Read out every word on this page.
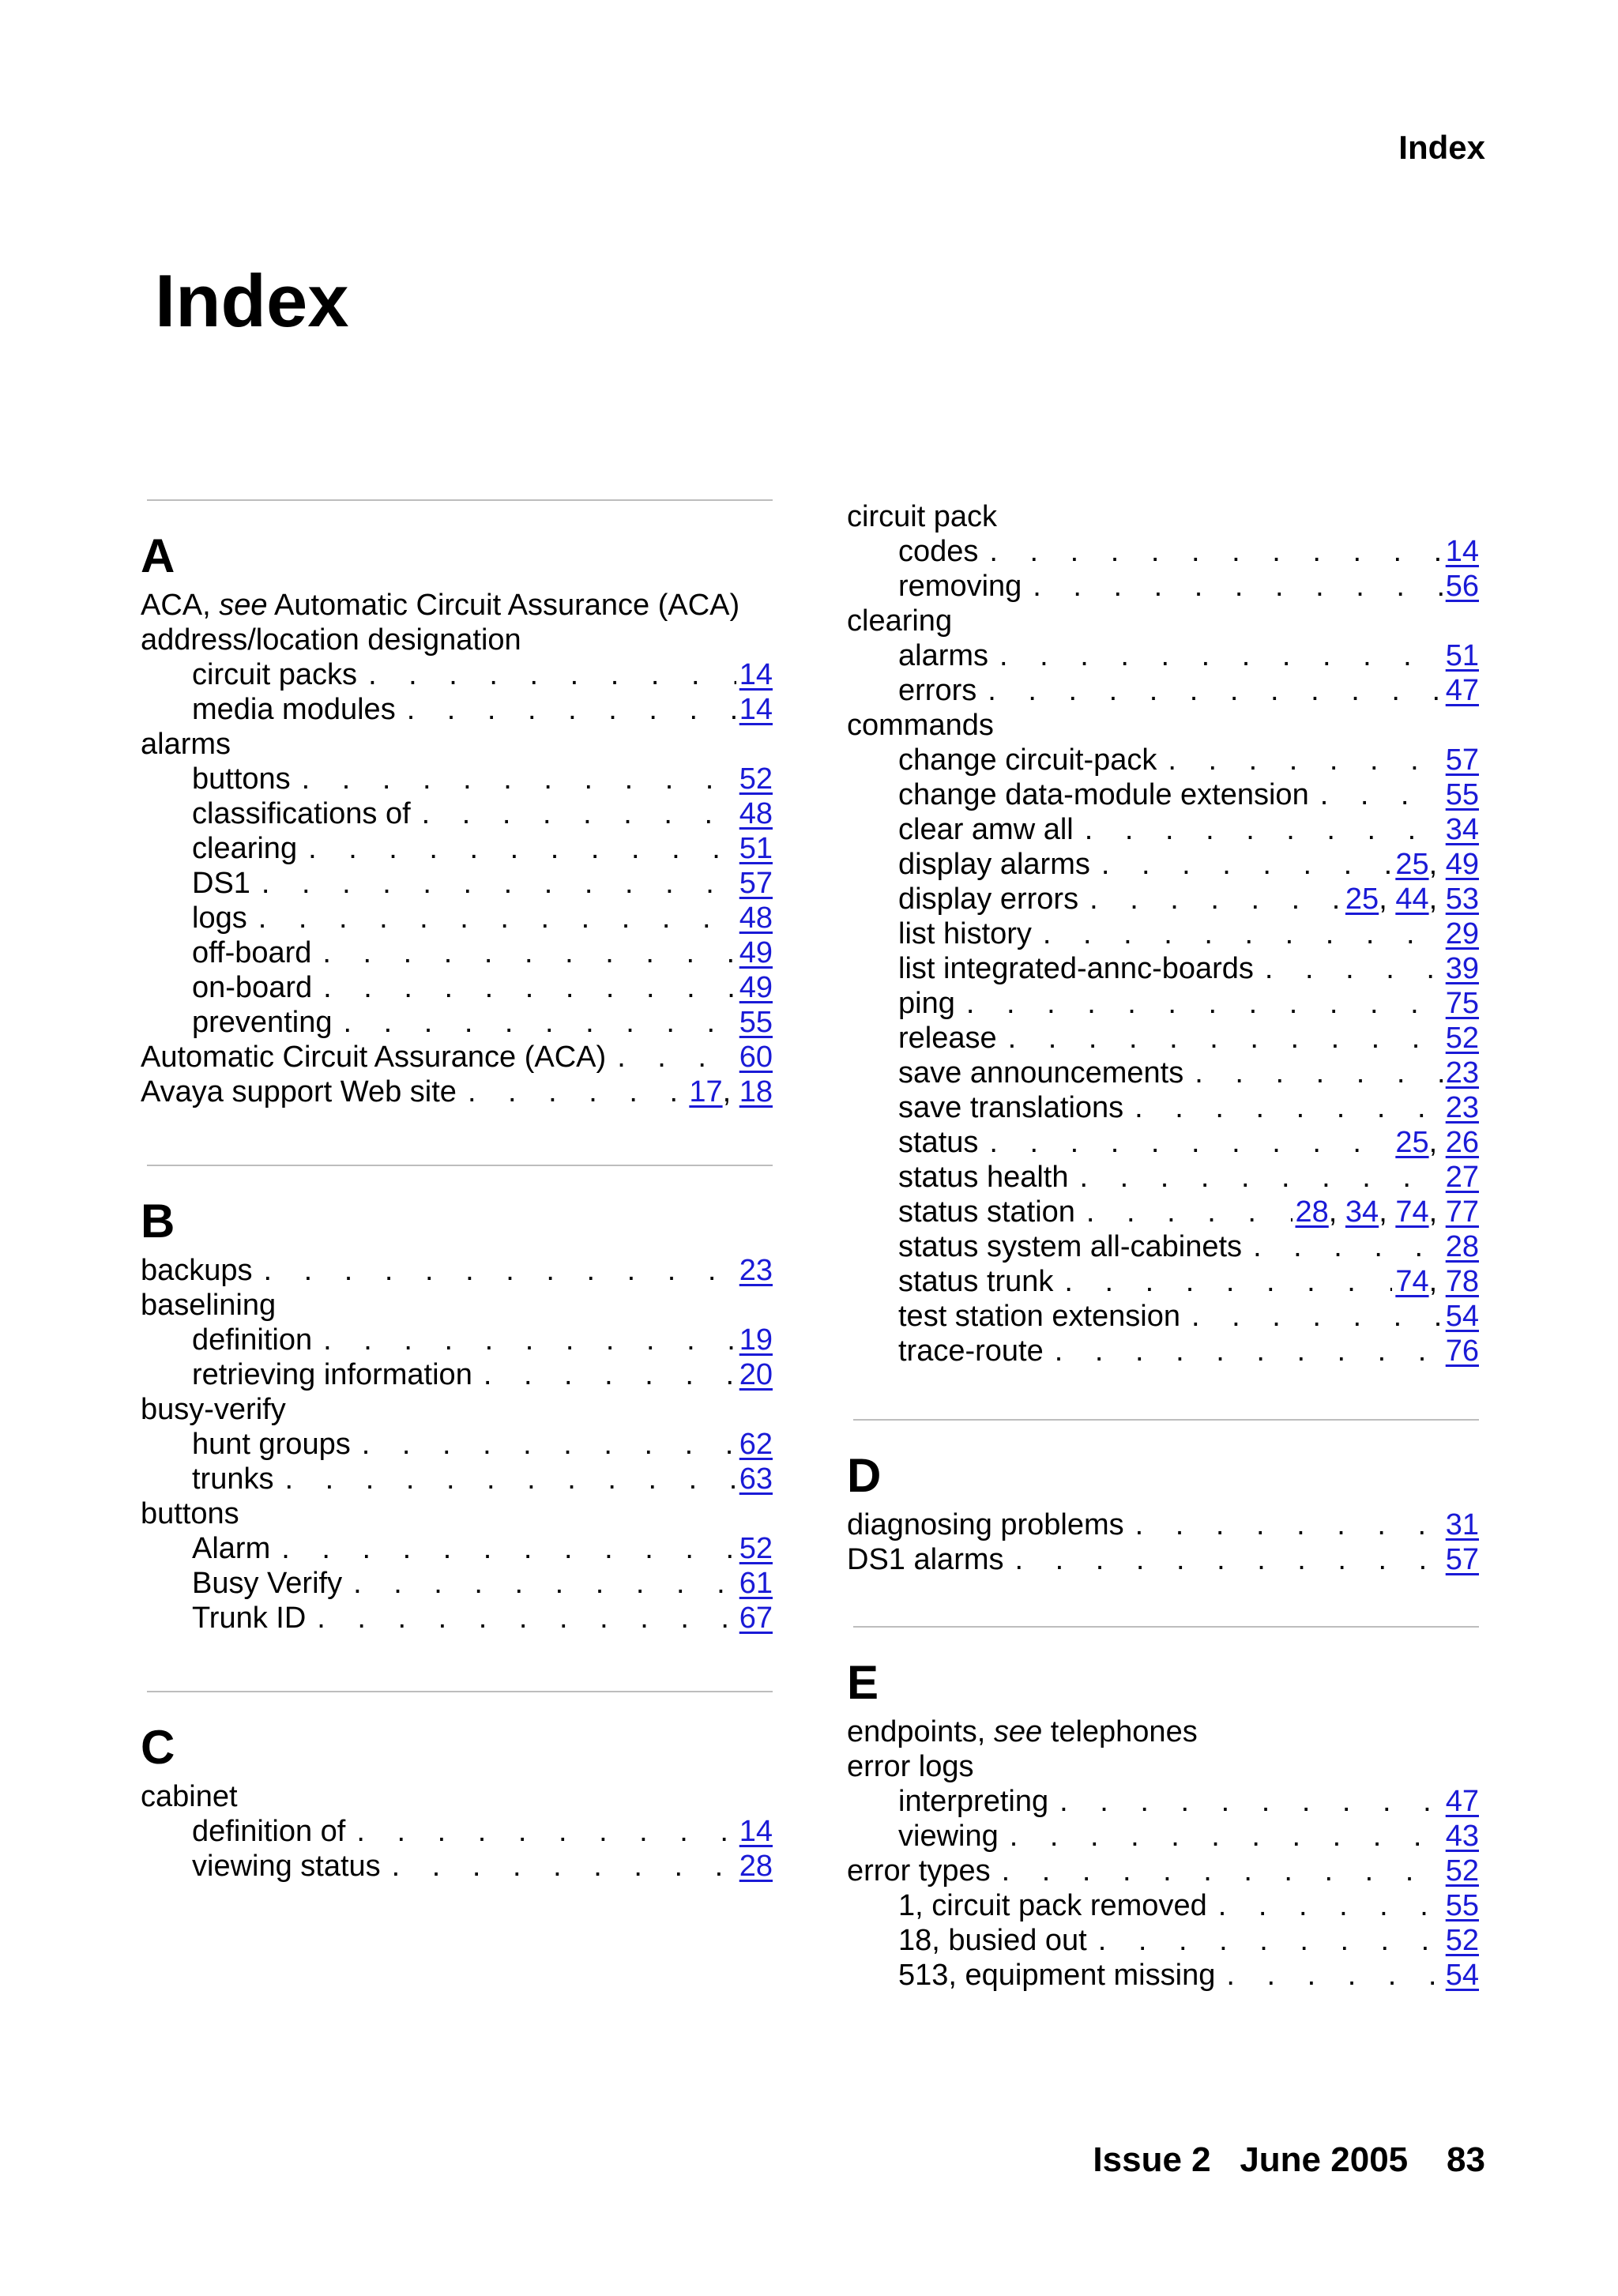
Index
Index
A
ACA, see Automatic Circuit Assurance (ACA)
address/location designation
circuit packs . . .	14
media modules . . .	14
alarms
buttons . . .	52
classifications of . . .	48
clearing . . .	51
DS1 . . .	57
logs . . .	48
off-board . . .	49
on-board . . .	49
preventing . . .	55
Automatic Circuit Assurance (ACA) . . .	60
Avaya support Web site . . .	17, 18
B
backups . . .	23
baselining
definition . . .	19
retrieving information . . .	20
busy-verify
hunt groups . . .	62
trunks . . .	63
buttons
Alarm . . .	52
Busy Verify . . .	61
Trunk ID . . .	67
C
cabinet
definition of . . .	14
viewing status . . .	28
circuit pack
codes . . .	14
removing . . .	56
clearing
alarms . . .	51
errors . . .	47
commands
change circuit-pack . . .	57
change data-module extension . . .	55
clear amw all . . .	34
display alarms . . .	25, 49
display errors . . .	25, 44, 53
list history . . .	29
list integrated-annc-boards . . .	39
ping . . .	75
release . . .	52
save announcements . . .	23
save translations . . .	23
status . . .	25, 26
status health . . .	27
status station . . .	28, 34, 74, 77
status system all-cabinets . . .	28
status trunk . . .	74, 78
test station extension . . .	54
trace-route . . .	76
D
diagnosing problems . . .	31
DS1 alarms . . .	57
E
endpoints, see telephones
error logs
interpreting . . .	47
viewing . . .	43
error types . . .	52
1, circuit pack removed . . .	55
18, busied out . . .	52
513, equipment missing . . .	54
Issue 2 June 2005 83
